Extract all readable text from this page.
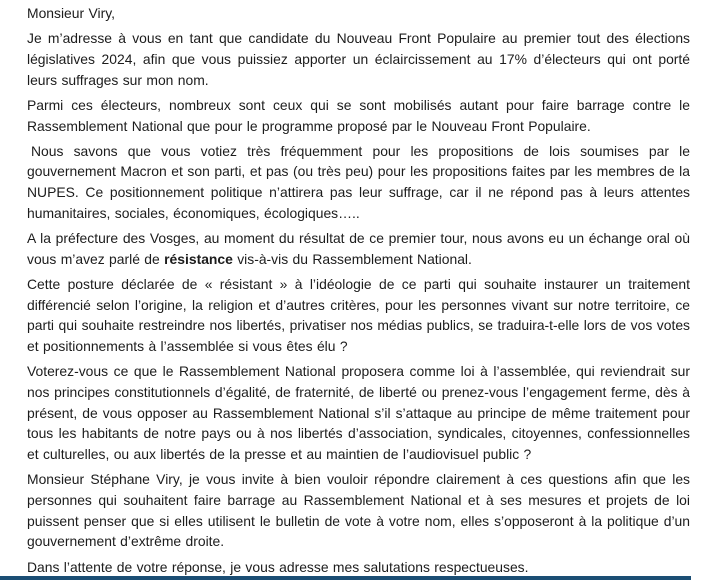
Monsieur Viry,

Je m’adresse à vous en tant que candidate du Nouveau Front Populaire au premier tout des élections législatives 2024, afin que vous puissiez apporter un éclaircissement au 17% d’électeurs qui ont porté leurs suffrages sur mon nom.

Parmi ces électeurs, nombreux sont ceux qui se sont mobilisés autant pour faire barrage contre le Rassemblement National que pour le programme proposé par le Nouveau Front Populaire.

Nous savons que vous votiez très fréquemment pour les propositions de lois soumises par le gouvernement Macron et son parti, et pas (ou très peu) pour les propositions faites par les membres de la NUPES. Ce positionnement politique n’attirera pas leur suffrage, car il ne répond pas à leurs attentes humanitaires, sociales, économiques, écologiques…..

A la préfecture des Vosges, au moment du résultat de ce premier tour, nous avons eu un échange oral où vous m’avez parlé de résistance vis-à-vis du Rassemblement National.

Cette posture déclarée de « résistant » à l’idéologie de ce parti qui souhaite instaurer un traitement différencié selon l’origine, la religion et d’autres critères, pour les personnes vivant sur notre territoire, ce parti qui souhaite restreindre nos libertés, privatiser nos médias publics, se traduira-t-elle lors de vos votes et positionnements à l’assemblée si vous êtes élu ?

Voterez-vous ce que le Rassemblement National proposera comme loi à l’assemblée, qui reviendrait sur nos principes constitutionnels d’égalité, de fraternité, de liberté ou prenez-vous l’engagement ferme, dès à présent, de vous opposer au Rassemblement National s’il s’attaque au principe de même traitement pour tous les habitants de notre pays ou à nos libertés d’association, syndicales, citoyennes, confessionnelles et culturelles, ou aux libertés de la presse et au maintien de l’audiovisuel public ?

Monsieur Stéphane Viry, je vous invite à bien vouloir répondre clairement à ces questions afin que les personnes qui souhaitent faire barrage au Rassemblement National et à ses mesures et projets de loi puissent penser que si elles utilisent le bulletin de vote à votre nom, elles s’opposeront à la politique d’un gouvernement d’extrême droite.

Dans l’attente de votre réponse, je vous adresse mes salutations respectueuses.
